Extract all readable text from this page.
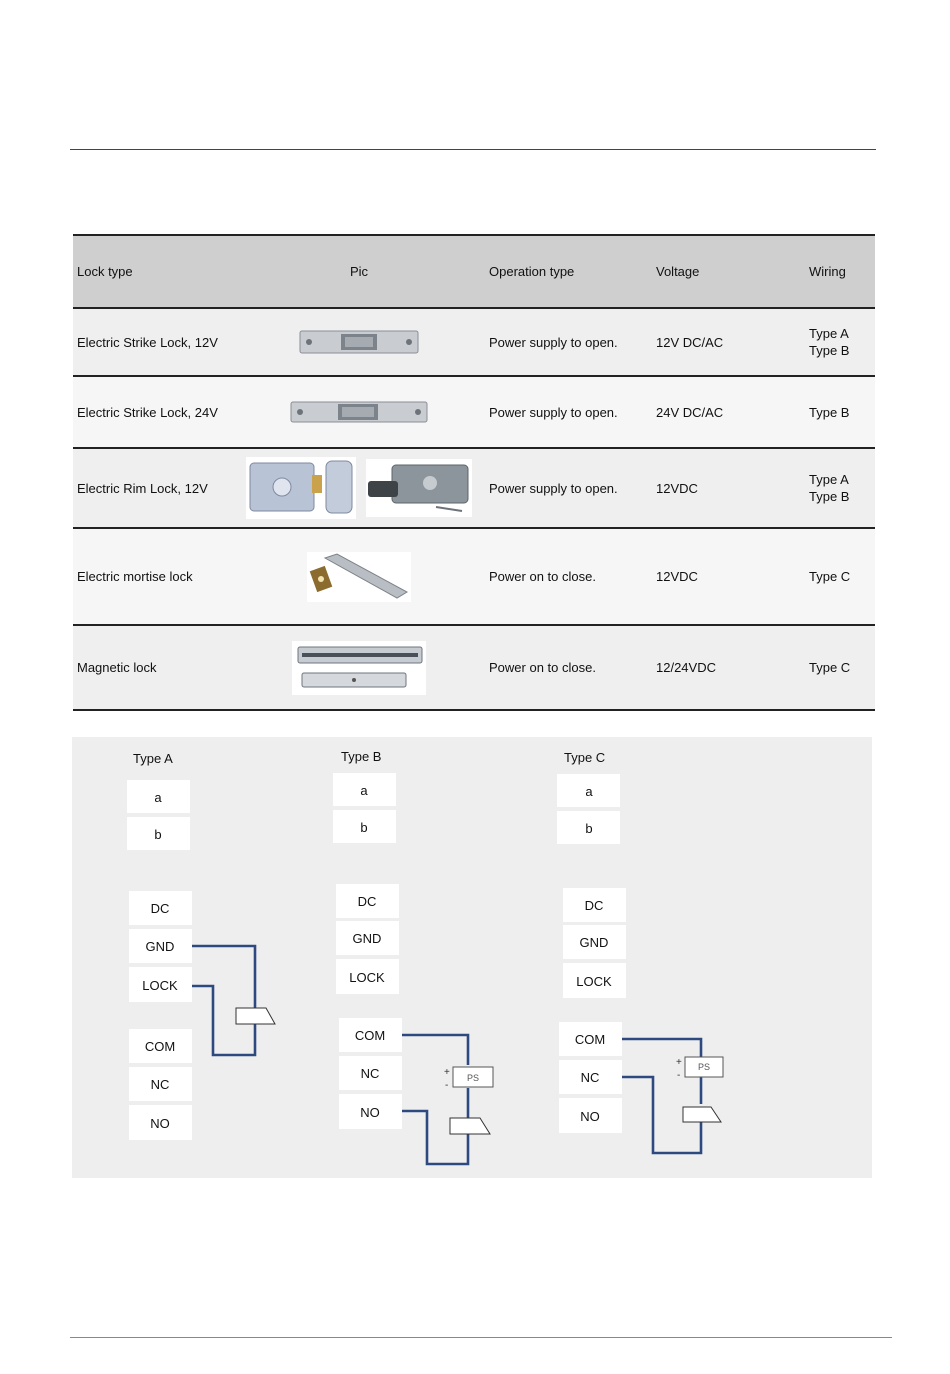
Lock type	Pic	Operation type	Voltage	Wiring
Electric Strike Lock, 12V		Power supply to open.	12V DC/AC	Type A
Type B

Electric Strike Lock, 24V		Power supply to open.	24V DC/AC	Type B

Electric Rim Lock, 12V		Power supply to open.	12VDC	Type A
Type B

Electric mortise lock		Power on to close.	12VDC	Type C

Magnetic lock		Power on to close.	12/24VDC	Type C
Type A
a
b
DC
GND
LOCK
COM
NC
NO
Type B
a
b
DC
GND
LOCK
COM
NC
NO
PS
+
-
Type C
a
b
DC
GND
LOCK
COM
NC
NO
PS
+
-
